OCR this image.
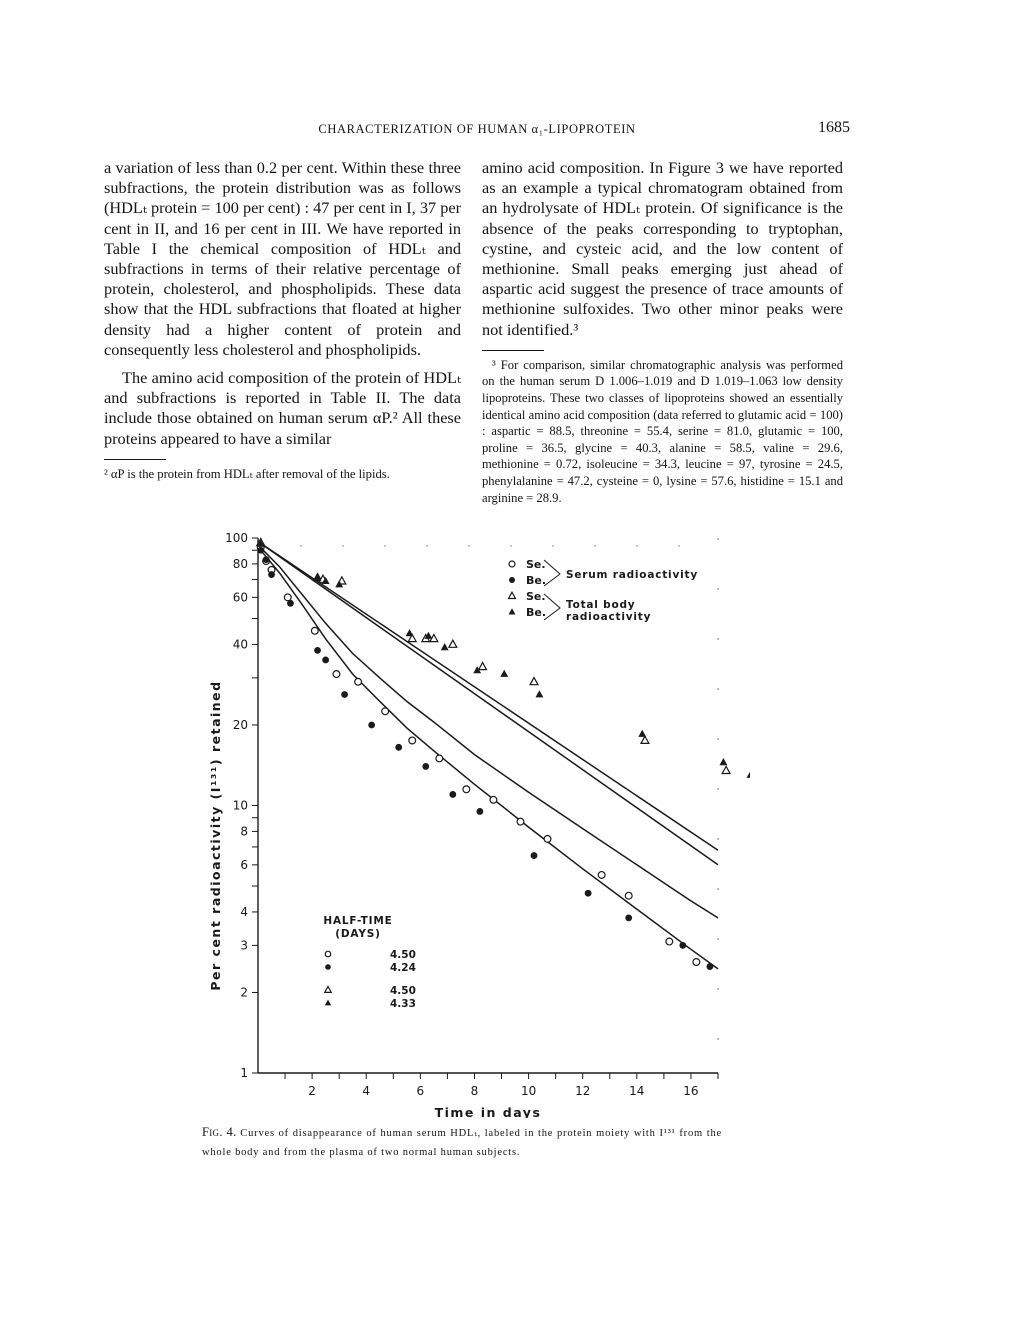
CHARACTERIZATION OF HUMAN α₁-LIPOPROTEIN	1685

a variation of less than 0.2 per cent. Within these three subfractions, the protein distribution was as follows (HDLₜ protein = 100 per cent) : 47 per cent in I, 37 per cent in II, and 16 per cent in III. We have reported in Table I the chemical composition of HDLₜ and subfractions in terms of their relative percentage of protein, cholesterol, and phospholipids. These data show that the HDL subfractions that floated at higher density had a higher content of protein and consequently less cholesterol and phospholipids.

The amino acid composition of the protein of HDLₜ and subfractions is reported in Table II. The data include those obtained on human serum αP.² All these proteins appeared to have a similar

² αP is the protein from HDLₜ after removal of the lipids.

amino acid composition. In Figure 3 we have reported as an example a typical chromatogram obtained from an hydrolysate of HDLₜ protein. Of significance is the absence of the peaks corresponding to tryptophan, cystine, and cysteic acid, and the low content of methionine. Small peaks emerging just ahead of aspartic acid suggest the presence of trace amounts of methionine sulfoxides. Two other minor peaks were not identified.³

³ For comparison, similar chromatographic analysis was performed on the human serum D 1.006–1.019 and D 1.019–1.063 low density lipoproteins. These two classes of lipoproteins showed an essentially identical amino acid composition (data referred to glutamic acid = 100) : aspartic = 88.5, threonine = 55.4, serine = 81.0, glutamic = 100, proline = 36.5, glycine = 40.3, alanine = 58.5, valine = 29.6, methionine = 0.72, isoleucine = 34.3, leucine = 97, tyrosine = 24.5, phenylalanine = 47.2, cysteine = 0, lysine = 57.6, histidine = 15.1 and arginine = 28.9.

1
2
3
4
6
8
10
20
40
60
80
100
2	4	6	8	10	12	14	16
Time in days
Per cent radioactivity (I¹³¹) retained
Se.
Be.
Se.
Be.
Serum radioactivity
Total body
radioactivity
HALF-TIME
(DAYS)
4.50
4.24
4.50
4.33
Fig. 4. Curves of disappearance of human serum HDLₜ, labeled in the protein moiety with I¹³¹ from the whole body and from the plasma of two normal human subjects.
